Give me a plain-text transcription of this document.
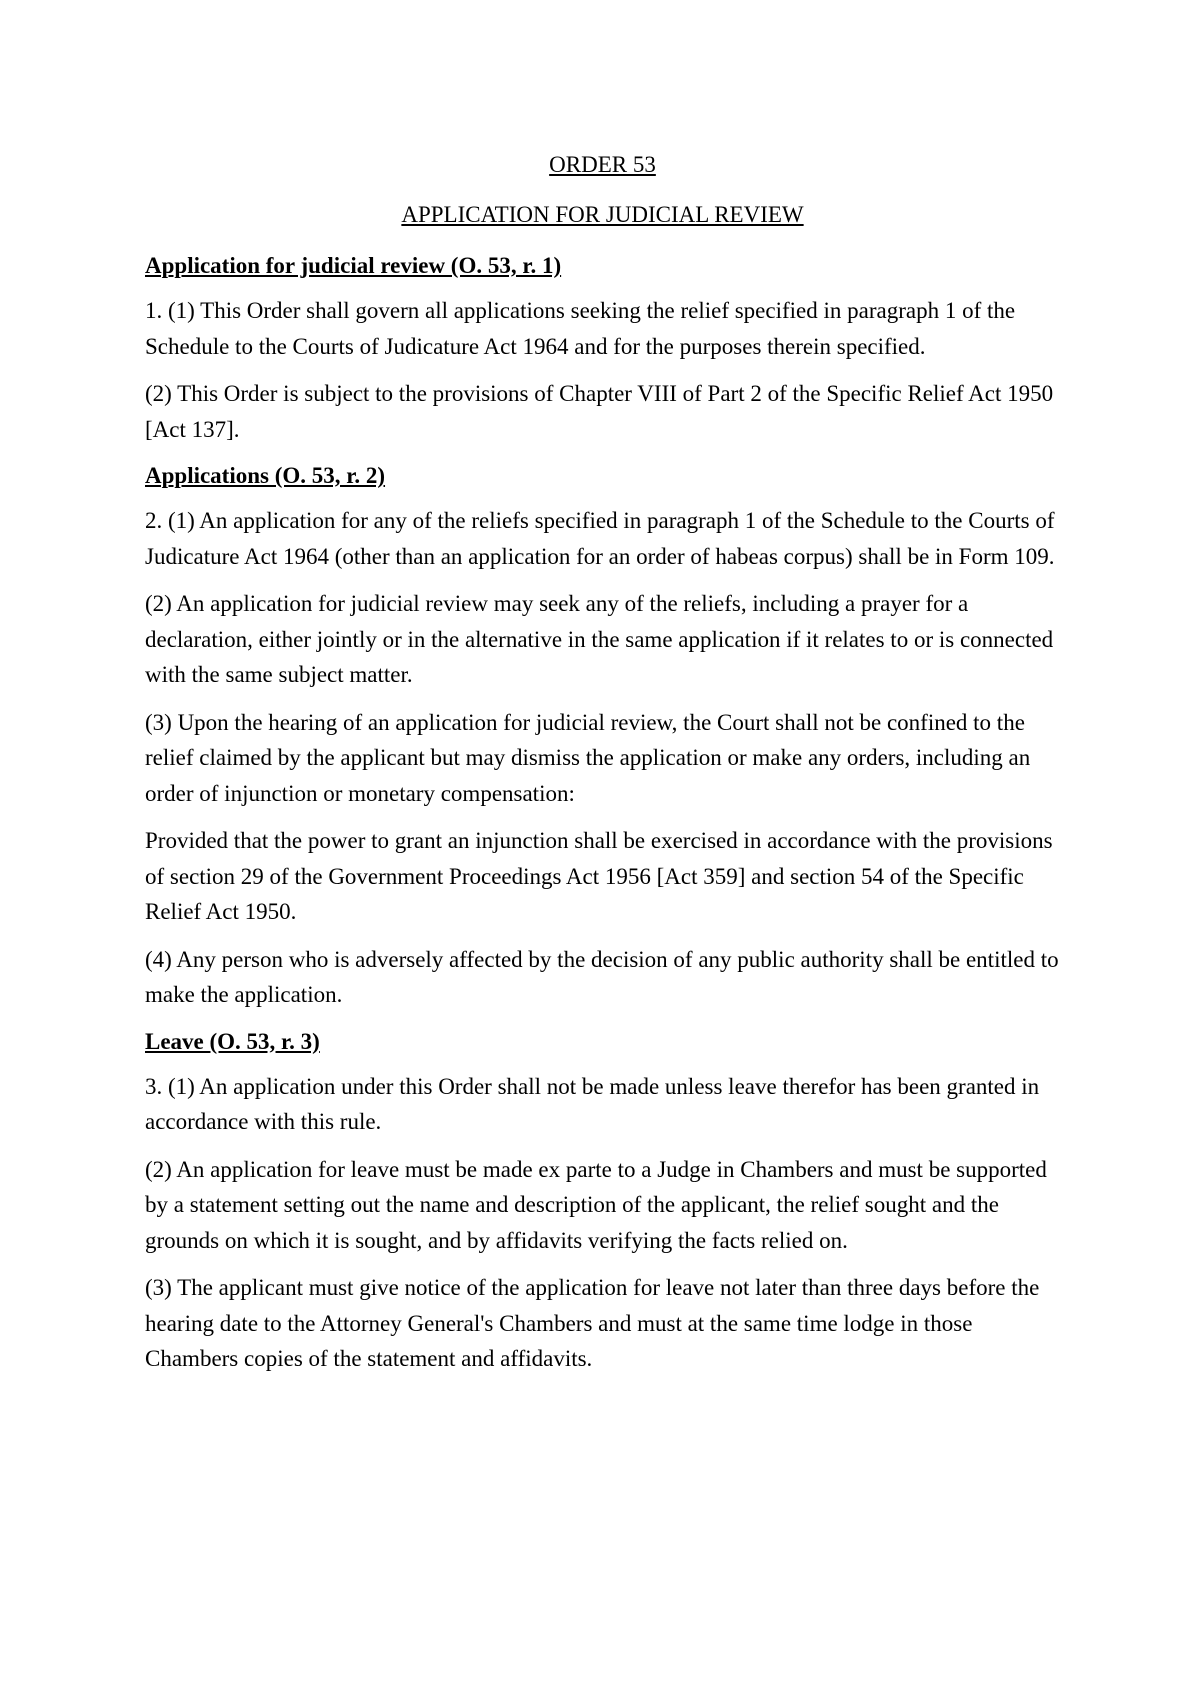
ORDER 53
APPLICATION FOR JUDICIAL REVIEW
Application for judicial review (O. 53, r. 1)

1. (1) This Order shall govern all applications seeking the relief specified in paragraph 1 of the Schedule to the Courts of Judicature Act 1964 and for the purposes therein specified.

(2) This Order is subject to the provisions of Chapter VIII of Part 2 of the Specific Relief Act 1950 [Act 137].

Applications (O. 53, r. 2)

2. (1) An application for any of the reliefs specified in paragraph 1 of the Schedule to the Courts of Judicature Act 1964 (other than an application for an order of habeas corpus) shall be in Form 109.

(2) An application for judicial review may seek any of the reliefs, including a prayer for a declaration, either jointly or in the alternative in the same application if it relates to or is connected with the same subject matter.

(3) Upon the hearing of an application for judicial review, the Court shall not be confined to the relief claimed by the applicant but may dismiss the application or make any orders, including an order of injunction or monetary compensation:

Provided that the power to grant an injunction shall be exercised in accordance with the provisions of section 29 of the Government Proceedings Act 1956 [Act 359] and section 54 of the Specific Relief Act 1950.

(4) Any person who is adversely affected by the decision of any public authority shall be entitled to make the application.

Leave (O. 53, r. 3)

3. (1) An application under this Order shall not be made unless leave therefor has been granted in accordance with this rule.

(2) An application for leave must be made ex parte to a Judge in Chambers and must be supported by a statement setting out the name and description of the applicant, the relief sought and the grounds on which it is sought, and by affidavits verifying the facts relied on.

(3) The applicant must give notice of the application for leave not later than three days before the hearing date to the Attorney General's Chambers and must at the same time lodge in those Chambers copies of the statement and affidavits.
